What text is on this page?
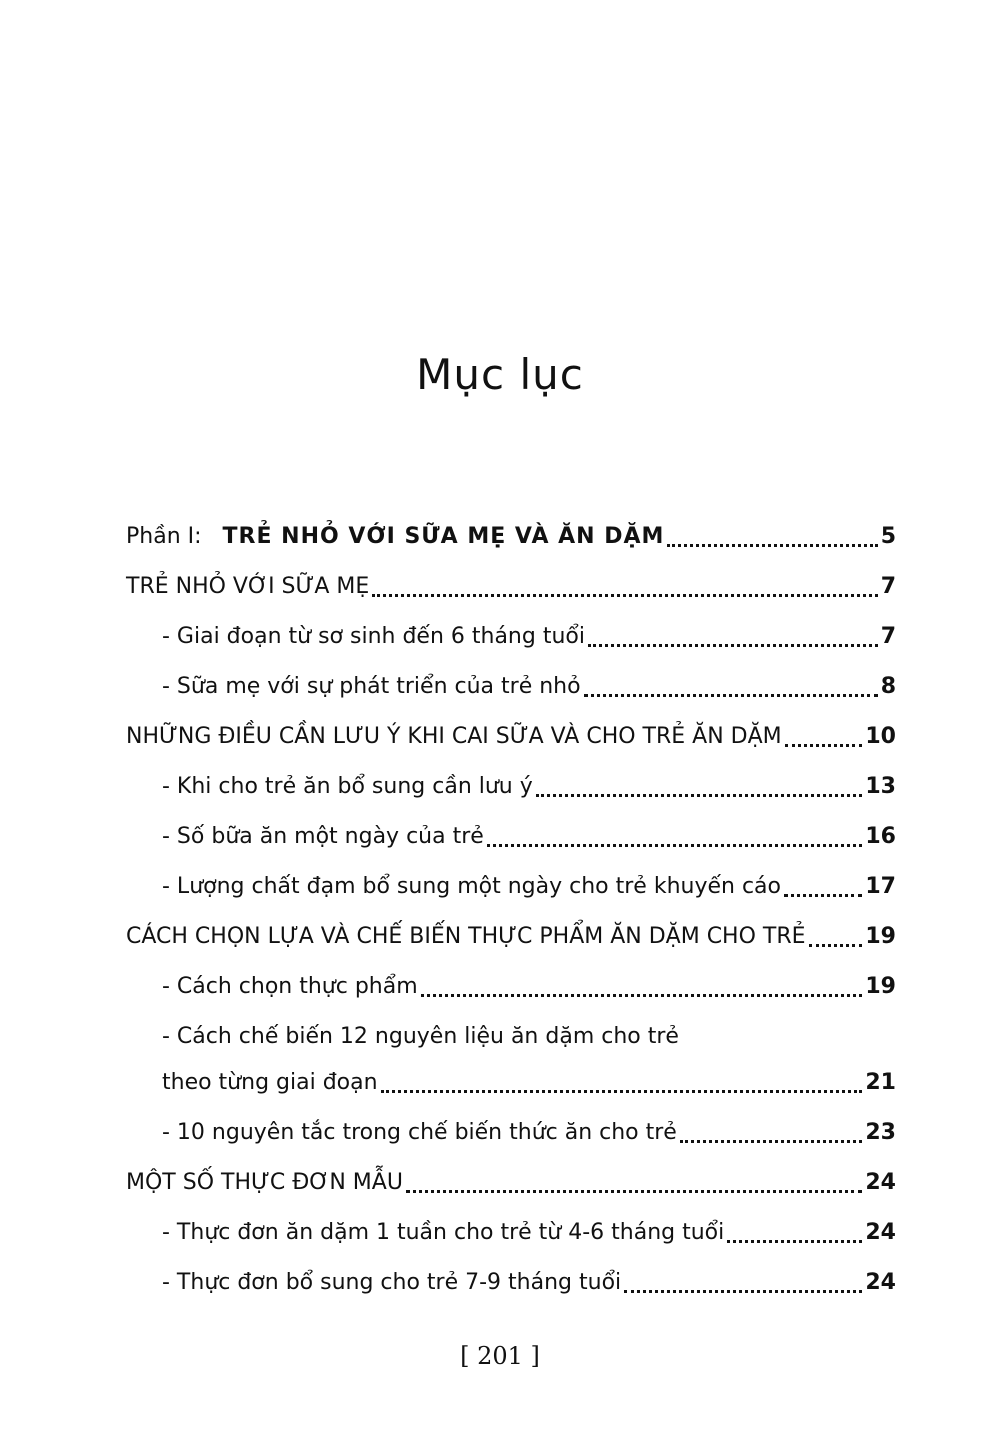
Mục lục
Phần I: TRẺ NHỎ VỚI SỮA MẸ VÀ ĂN DẶM	5
TRẺ NHỎ VỚI SỮA MẸ	7
- Giai đoạn từ sơ sinh đến 6 tháng tuổi	7
- Sữa mẹ với sự phát triển của trẻ nhỏ	8
NHỮNG ĐIỀU CẦN LƯU Ý KHI CAI SỮA VÀ CHO TRẺ ĂN DẶM	10
- Khi cho trẻ ăn bổ sung cần lưu ý	13
- Số bữa ăn một ngày của trẻ	16
- Lượng chất đạm bổ sung một ngày cho trẻ khuyến cáo	17
CÁCH CHỌN LỰA VÀ CHẾ BIẾN THỰC PHẨM ĂN DẶM CHO TRẺ	19
- Cách chọn thực phẩm	19
- Cách chế biến 12 nguyên liệu ăn dặm cho trẻ
theo từng giai đoạn	21
- 10 nguyên tắc trong chế biến thức ăn cho trẻ	23
MỘT SỐ THỰC ĐƠN MẪU	24
- Thực đơn ăn dặm 1 tuần cho trẻ từ 4-6 tháng tuổi	24
- Thực đơn bổ sung cho trẻ 7-9 tháng tuổi	24
[ 201 ]
